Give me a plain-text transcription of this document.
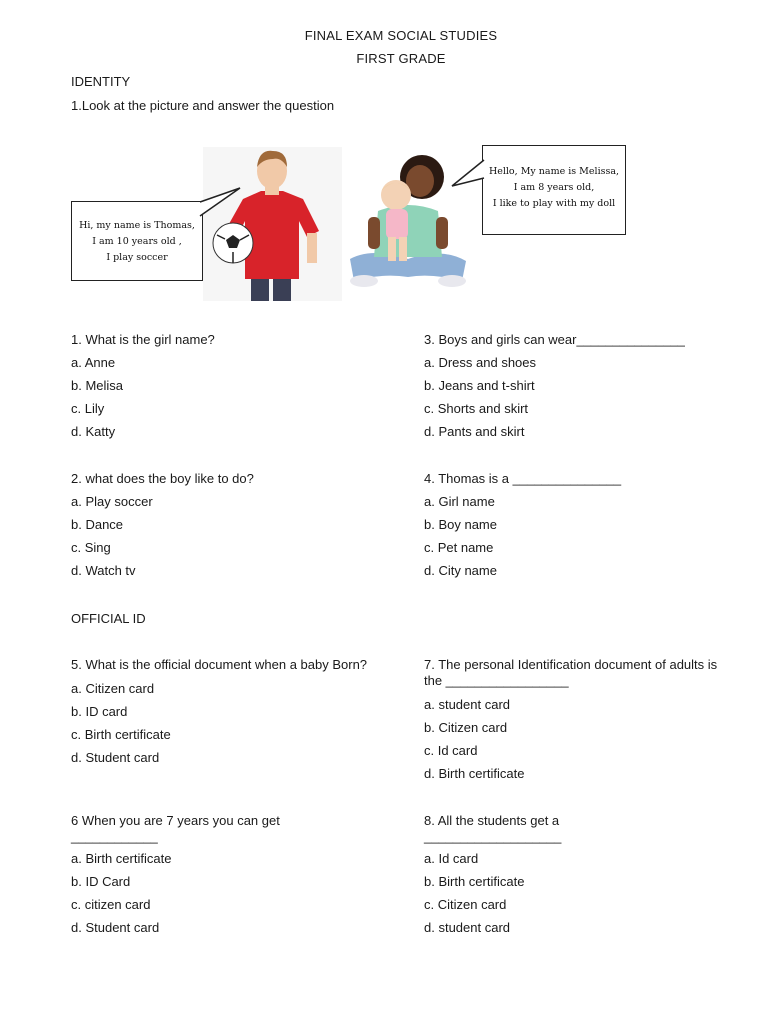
FINAL EXAM SOCIAL STUDIES
FIRST GRADE
IDENTITY
1.Look at the picture and answer the question
Hi, my name is Thomas,
I am 10 years old ,
I play soccer
Hello, My name is Melissa,
I am 8 years old,
I like to play with my doll

1. What is the girl name?

a. Anne

b. Melisa

c. Lily

d. Katty

2. what does the boy like to do?

a. Play soccer

b. Dance

c. Sing

d. Watch tv

3. Boys and girls can wear_______________

a. Dress and shoes

b. Jeans and t-shirt

c. Shorts and skirt

d. Pants and skirt

4. Thomas is a _______________

a. Girl name

b. Boy name

c. Pet name

d. City name

OFFICIAL ID

5. What is the official document when a baby Born?

a. Citizen card

b. ID card

c. Birth certificate

d. Student card

6 When you are 7 years you can get ____________

a. Birth certificate

b. ID Card

c. citizen card

d. Student card

7. The personal Identification document of adults is the _________________

a. student card

b. Citizen card

c. Id card

d. Birth certificate

8. All the students get a ___________________

a. Id card

b. Birth certificate

c. Citizen card

d. student card
